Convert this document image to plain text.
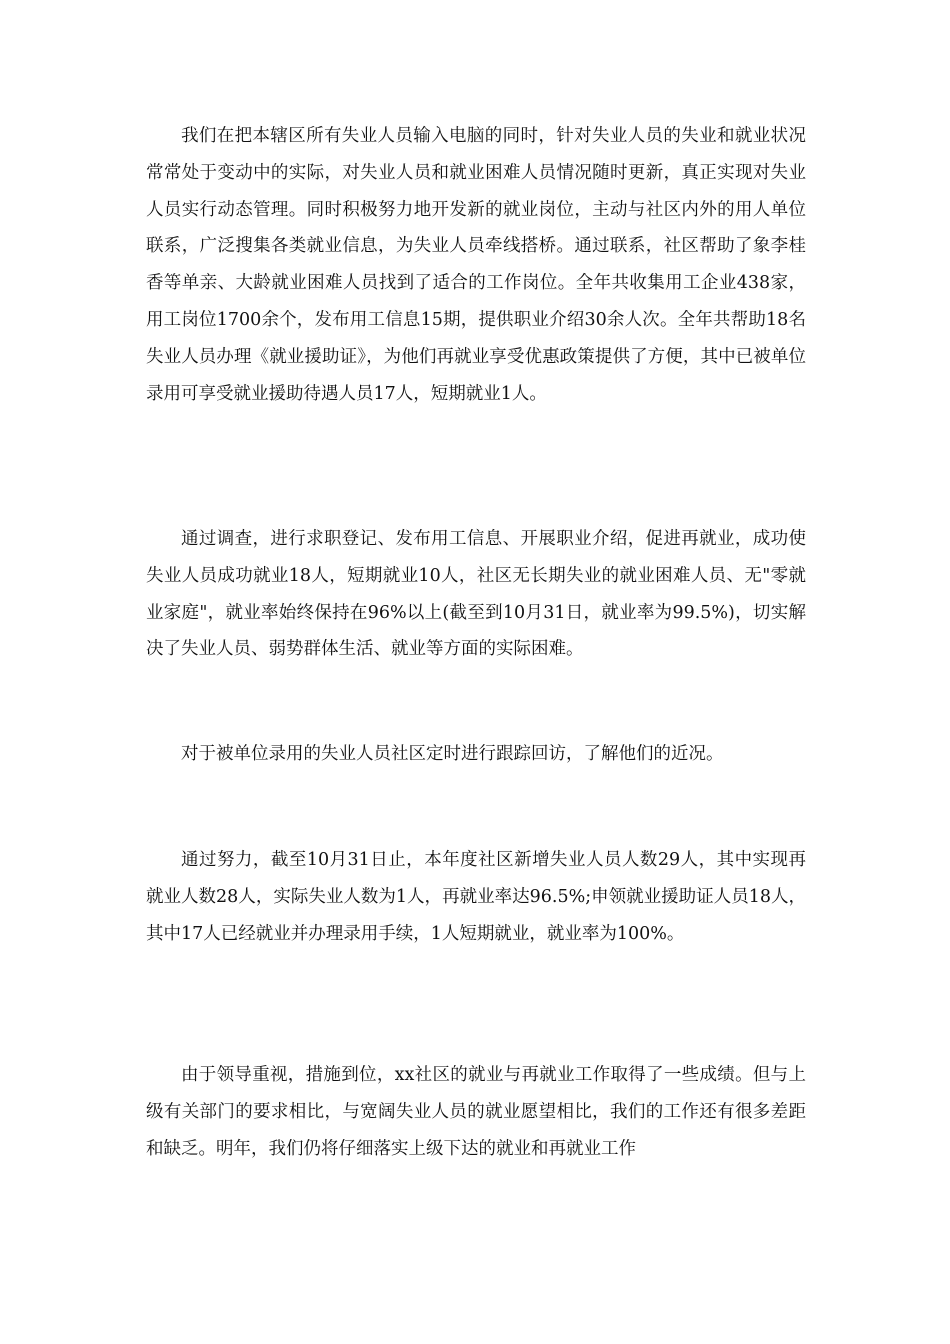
我们在把本辖区所有失业人员输入电脑的同时，针对失业人员的失业和就业状况常常处于变动中的实际，对失业人员和就业困难人员情况随时更新，真正实现对失业人员实行动态管理。同时积极努力地开发新的就业岗位，主动与社区内外的用人单位联系，广泛搜集各类就业信息，为失业人员牵线搭桥。通过联系，社区帮助了象李桂香等单亲、大龄就业困难人员找到了适合的工作岗位。全年共收集用工企业438家，用工岗位1700余个，发布用工信息15期，提供职业介绍30余人次。全年共帮助18名失业人员办理《就业援助证》，为他们再就业享受优惠政策提供了方便，其中已被单位录用可享受就业援助待遇人员17人，短期就业1人。

通过调查，进行求职登记、发布用工信息、开展职业介绍，促进再就业，成功使失业人员成功就业18人，短期就业10人，社区无长期失业的就业困难人员、无"零就业家庭"，就业率始终保持在96%以上(截至到10月31日，就业率为99.5%)，切实解决了失业人员、弱势群体生活、就业等方面的实际困难。

对于被单位录用的失业人员社区定时进行跟踪回访，了解他们的近况。

通过努力，截至10月31日止，本年度社区新增失业人员人数29人，其中实现再就业人数28人，实际失业人数为1人，再就业率达96.5%;申领就业援助证人员18人，其中17人已经就业并办理录用手续，1人短期就业，就业率为100%。

由于领导重视，措施到位，xx社区的就业与再就业工作取得了一些成绩。但与上级有关部门的要求相比，与宽阔失业人员的就业愿望相比，我们的工作还有很多差距和缺乏。明年，我们仍将仔细落实上级下达的就业和再就业工作
